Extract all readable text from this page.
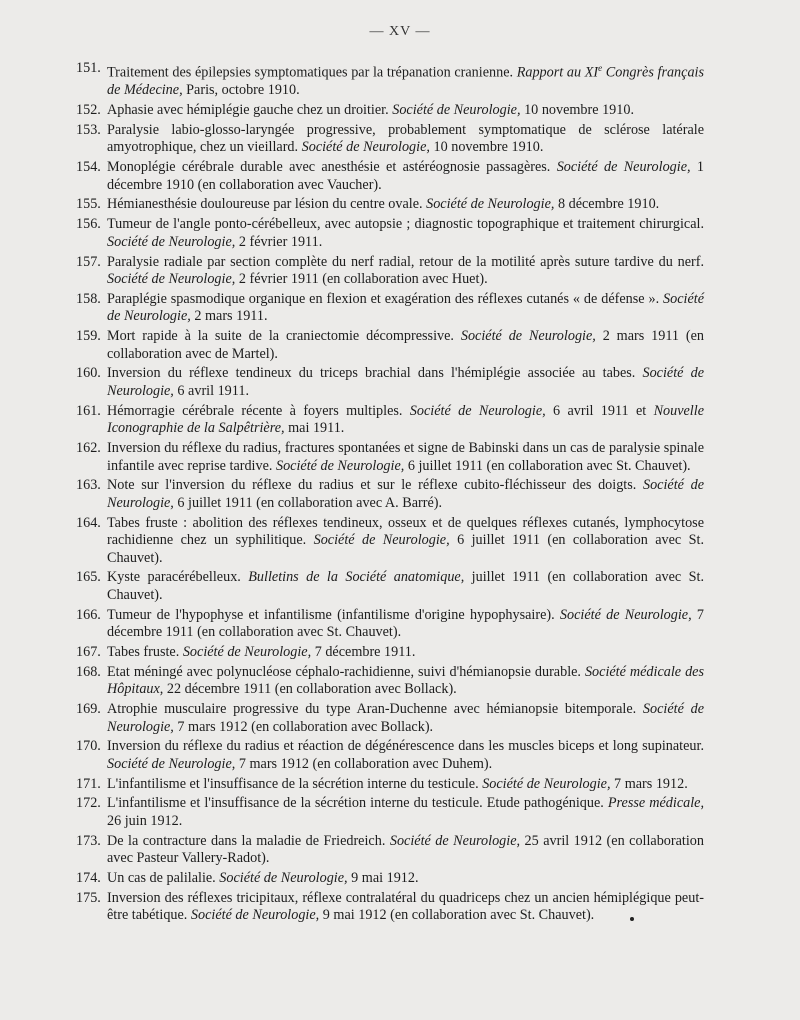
— XV —
151. Traitement des épilepsies symptomatiques par la trépanation cranienne. Rapport au XIe Congrès français de Médecine, Paris, octobre 1910.
152. Aphasie avec hémiplégie gauche chez un droitier. Société de Neurologie, 10 novembre 1910.
153. Paralysie labio-glosso-laryngée progressive, probablement symptomatique de sclérose latérale amyotrophique, chez un vieillard. Société de Neurologie, 10 novembre 1910.
154. Monoplégie cérébrale durable avec anesthésie et astéréognosie passagères. Société de Neurologie, 1 décembre 1910 (en collaboration avec Vaucher).
155. Hémianesthésie douloureuse par lésion du centre ovale. Société de Neurologie, 8 décembre 1910.
156. Tumeur de l'angle ponto-cérébelleux, avec autopsie ; diagnostic topographique et traitement chirurgical. Société de Neurologie, 2 février 1911.
157. Paralysie radiale par section complète du nerf radial, retour de la motilité après suture tardive du nerf. Société de Neurologie, 2 février 1911 (en collaboration avec Huet).
158. Paraplégie spasmodique organique en flexion et exagération des réflexes cutanés « de défense ». Société de Neurologie, 2 mars 1911.
159. Mort rapide à la suite de la craniectomie décompressive. Société de Neurologie, 2 mars 1911 (en collaboration avec de Martel).
160. Inversion du réflexe tendineux du triceps brachial dans l'hémiplégie associée au tabes. Société de Neurologie, 6 avril 1911.
161. Hémorragie cérébrale récente à foyers multiples. Société de Neurologie, 6 avril 1911 et Nouvelle Iconographie de la Salpêtrière, mai 1911.
162. Inversion du réflexe du radius, fractures spontanées et signe de Babinski dans un cas de paralysie spinale infantile avec reprise tardive. Société de Neurologie, 6 juillet 1911 (en collaboration avec St. Chauvet).
163. Note sur l'inversion du réflexe du radius et sur le réflexe cubito-fléchisseur des doigts. Société de Neurologie, 6 juillet 1911 (en collaboration avec A. Barré).
164. Tabes fruste : abolition des réflexes tendineux, osseux et de quelques réflexes cutanés, lymphocytose rachidienne chez un syphilitique. Société de Neurologie, 6 juillet 1911 (en collaboration avec St. Chauvet).
165. Kyste paracérébelleux. Bulletins de la Société anatomique, juillet 1911 (en collaboration avec St. Chauvet).
166. Tumeur de l'hypophyse et infantilisme (infantilisme d'origine hypophysaire). Société de Neurologie, 7 décembre 1911 (en collaboration avec St. Chauvet).
167. Tabes fruste. Société de Neurologie, 7 décembre 1911.
168. Etat méningé avec polynucléose céphalo-rachidienne, suivi d'hémianopsie durable. Société médicale des Hôpitaux, 22 décembre 1911 (en collaboration avec Bollack).
169. Atrophie musculaire progressive du type Aran-Duchenne avec hémianopsie bitemporale. Société de Neurologie, 7 mars 1912 (en collaboration avec Bollack).
170. Inversion du réflexe du radius et réaction de dégénérescence dans les muscles biceps et long supinateur. Société de Neurologie, 7 mars 1912 (en collaboration avec Duhem).
171. L'infantilisme et l'insuffisance de la sécrétion interne du testicule. Société de Neurologie, 7 mars 1912.
172. L'infantilisme et l'insuffisance de la sécrétion interne du testicule. Etude pathogénique. Presse médicale, 26 juin 1912.
173. De la contracture dans la maladie de Friedreich. Société de Neurologie, 25 avril 1912 (en collaboration avec Pasteur Vallery-Radot).
174. Un cas de palilalie. Société de Neurologie, 9 mai 1912.
175. Inversion des réflexes tricipitaux, réflexe contralatéral du quadriceps chez un ancien hémiplégique peut-être tabétique. Société de Neurologie, 9 mai 1912 (en collaboration avec St. Chauvet).
